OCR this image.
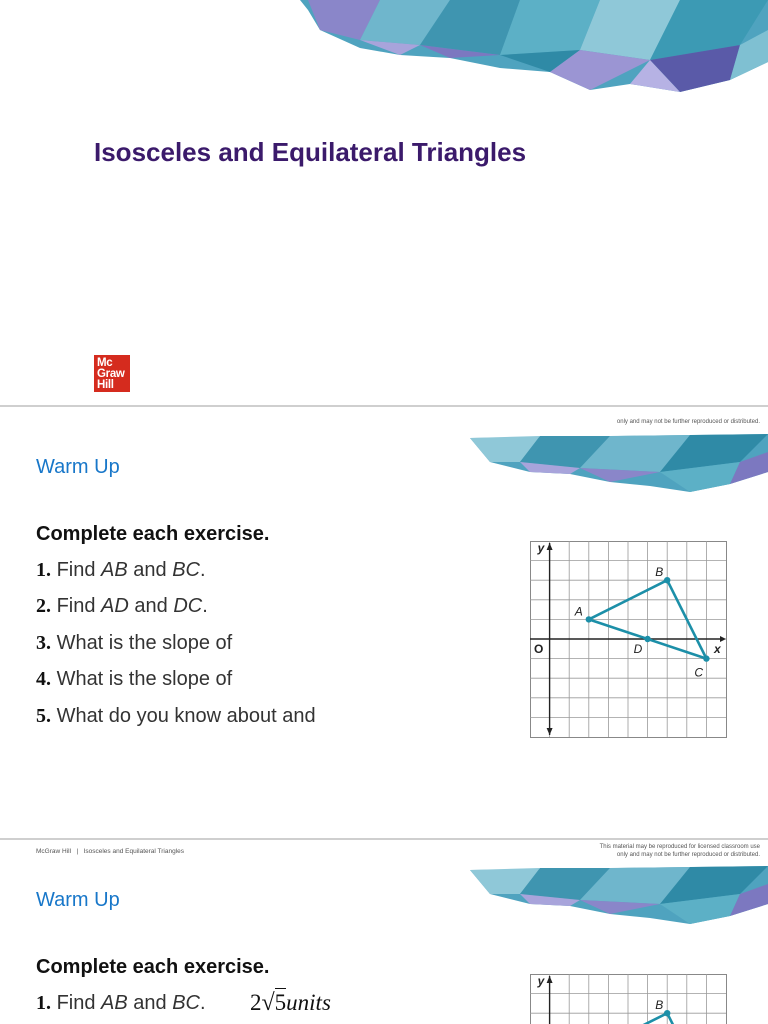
Isosceles and Equilateral Triangles
Mc
Graw
Hill
only and may not be further reproduced or distributed.
Warm Up
Complete each exercise.
1. Find AB and BC.
2. Find AD and DC.
3. What is the slope of
4. What is the slope of
5. What do you know about and
y
x
O
A
B
C
D
McGraw Hill | Isosceles and Equilateral Triangles
This material may be reproduced for licensed classroom use
only and may not be further reproduced or distributed.
Warm Up
Complete each exercise.
1. Find AB and BC. 2√5units
y
B
